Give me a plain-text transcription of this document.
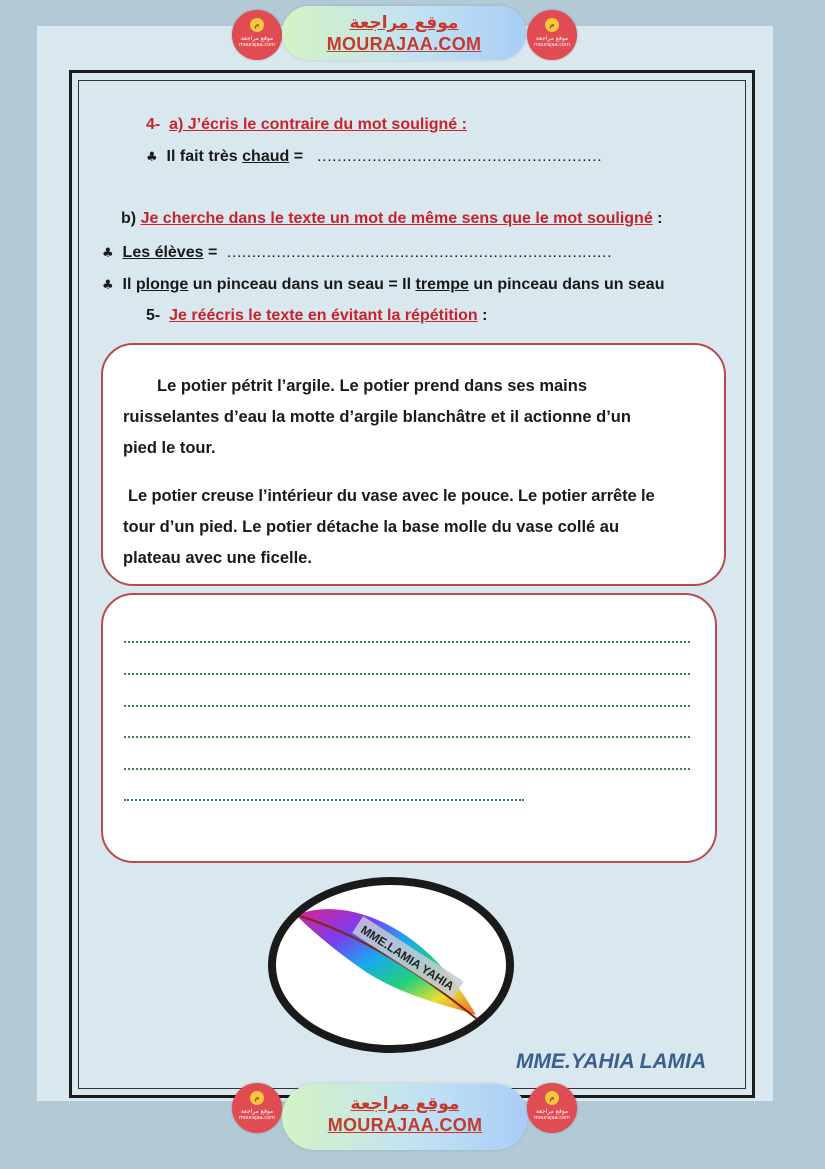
م
موقع مراجعة
mourajaa.com
موقع مراجعة
MOURAJAA.COM
م
موقع مراجعة
mourajaa.com
4- a) J’écris le contraire du mot souligné :
♣ Il fait très chaud = …………………………………………………
b) Je cherche dans le texte un mot de même sens que le mot souligné :
♣ Les élèves = ……………………………………………………………………
♣ Il plonge un pinceau dans un seau = Il trempe un pinceau dans un seau
5- Je réécris le texte en évitant la répétition :
Le potier pétrit l’argile. Le potier prend dans ses mains
ruisselantes d’eau la motte d’argile blanchâtre et il actionne d’un
pied le tour.
Le potier creuse l’intérieur du vase avec le pouce. Le potier arrête le
tour d’un pied. Le potier détache la base molle du vase collé au
plateau avec une ficelle.
MME.LAMIA YAHIA
MME.YAHIA LAMIA
م
موقع مراجعة
mourajaa.com
موقع مراجعة
MOURAJAA.COM
م
موقع مراجعة
mourajaa.com
